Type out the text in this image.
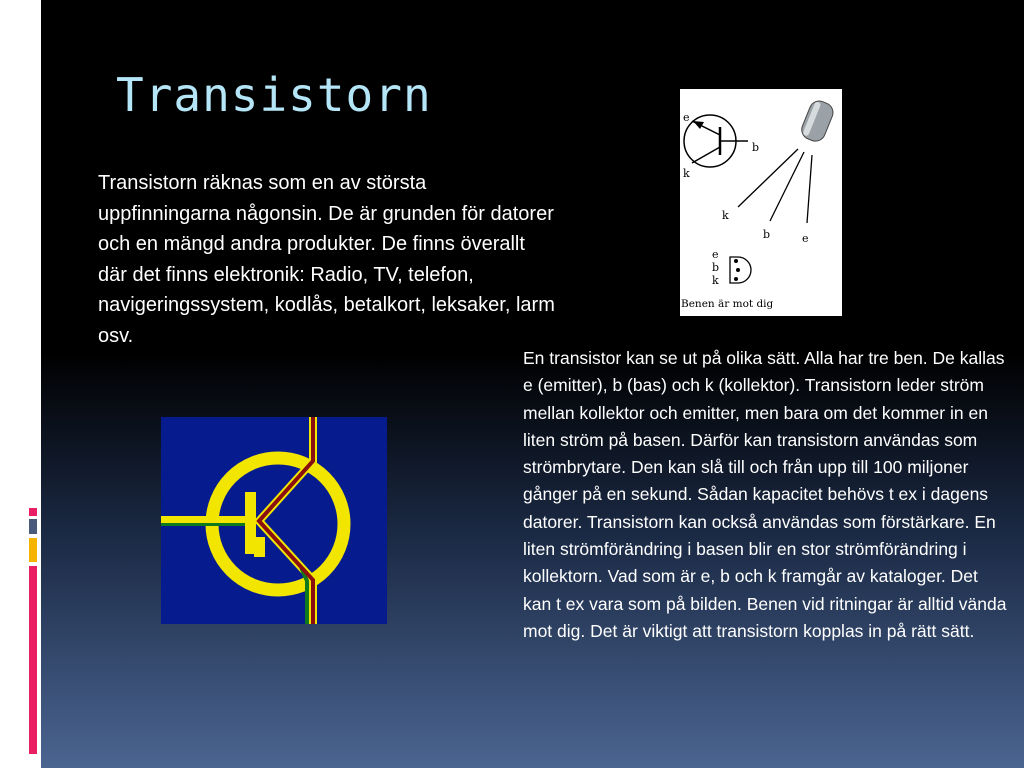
Transistorn

Transistorn räknas som en av största uppfinningarna någonsin. De är grunden för datorer och en mängd andra produkter. De finns överallt där det finns elektronik: Radio, TV, telefon, navigeringssystem, kodlås, betalkort, leksaker, larm osv.

e
b
k
k
b	e
e
b
k
Benen är mot dig

En transistor kan se ut på olika sätt. Alla har tre ben. De kallas e (emitter), b (bas) och k (kollektor). Transistorn leder ström mellan kollektor och emitter, men bara om det kommer in en liten ström på basen. Därför kan transistorn användas som strömbrytare. Den kan slå till och från upp till 100 miljoner gånger på en sekund. Sådan kapacitet behövs t ex i dagens datorer. Transistorn kan också användas som förstärkare. En liten strömförändring i basen blir en stor strömförändring i kollektorn. Vad som är e, b och k framgår av kataloger. Det kan t ex vara som på bilden. Benen vid ritningar är alltid vända mot dig. Det är viktigt att transistorn kopplas in på rätt sätt.
